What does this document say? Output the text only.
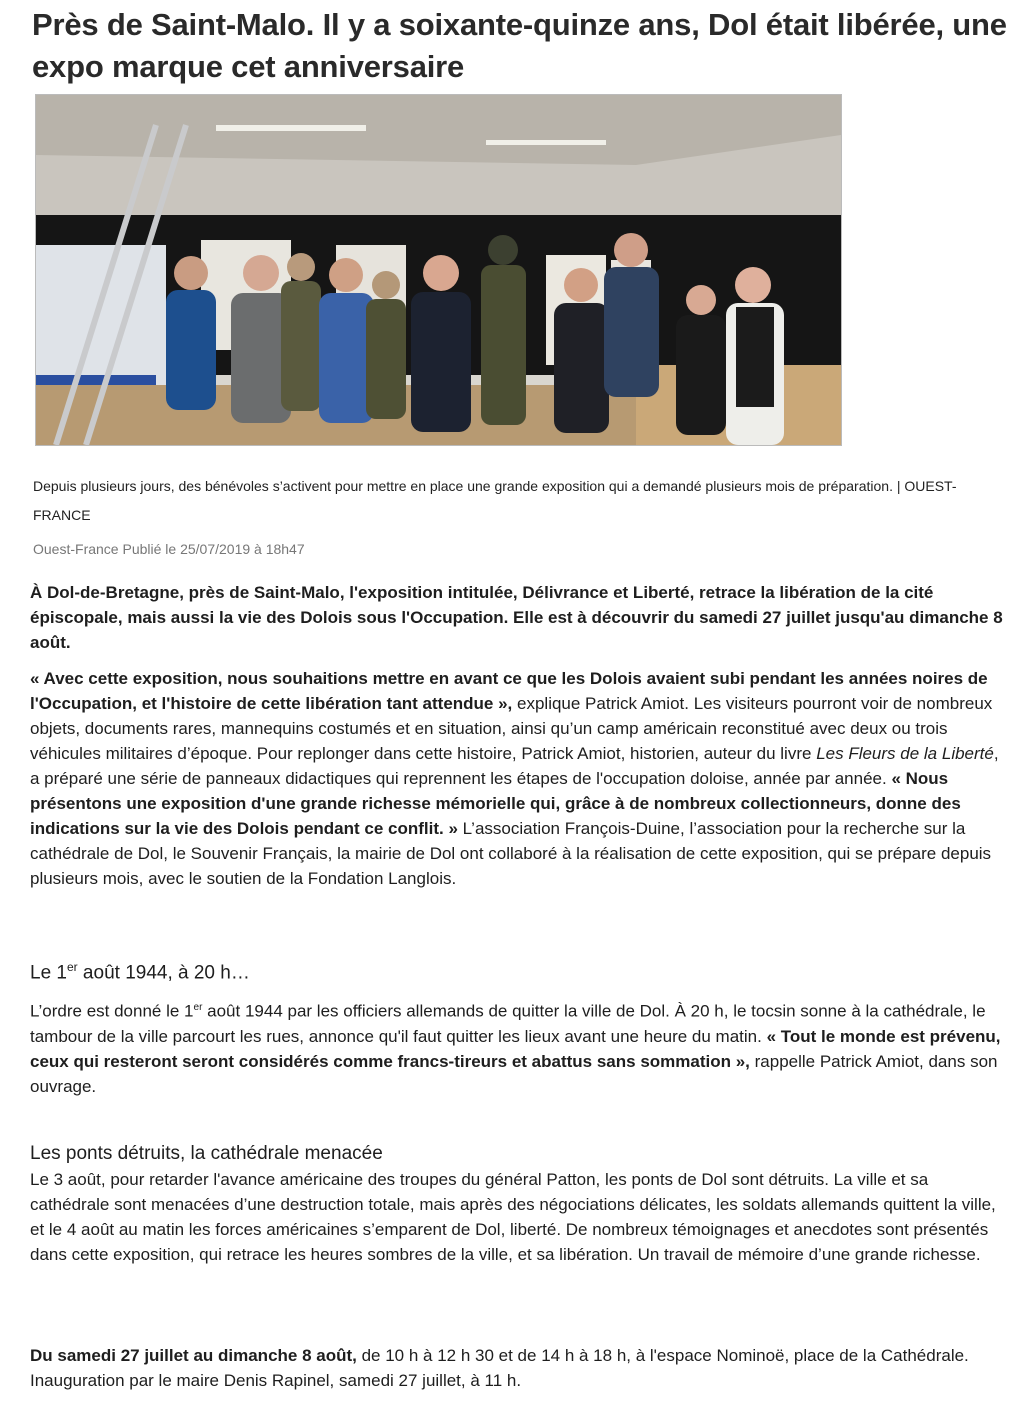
Près de Saint-Malo. Il y a soixante-quinze ans, Dol était libérée, une expo marque cet anniversaire

Depuis plusieurs jours, des bénévoles s’activent pour mettre en place une grande exposition qui a demandé plusieurs mois de préparation. | OUEST-FRANCE

Ouest-France Publié le 25/07/2019 à 18h47

À Dol-de-Bretagne, près de Saint-Malo, l'exposition intitulée, Délivrance et Liberté, retrace la libération de la cité épiscopale, mais aussi la vie des Dolois sous l'Occupation. Elle est à découvrir du samedi 27 juillet jusqu'au dimanche 8 août.

« Avec cette exposition, nous souhaitions mettre en avant ce que les Dolois avaient subi pendant les années noires de l'Occupation, et l'histoire de cette libération tant attendue », explique Patrick Amiot. Les visiteurs pourront voir de nombreux objets, documents rares, mannequins costumés et en situation, ainsi qu’un camp américain reconstitué avec deux ou trois véhicules militaires d’époque. Pour replonger dans cette histoire, Patrick Amiot, historien, auteur du livre Les Fleurs de la Liberté, a préparé une série de panneaux didactiques qui reprennent les étapes de l'occupation doloise, année par année. « Nous présentons une exposition d'une grande richesse mémorielle qui, grâce à de nombreux collectionneurs, donne des indications sur la vie des Dolois pendant ce conflit. » L’association François-Duine, l’association pour la recherche sur la cathédrale de Dol, le Souvenir Français, la mairie de Dol ont collaboré à la réalisation de cette exposition, qui se prépare depuis plusieurs mois, avec le soutien de la Fondation Langlois.

Le 1er août 1944, à 20 h…

L’ordre est donné le 1er août 1944 par les officiers allemands de quitter la ville de Dol. À 20 h, le tocsin sonne à la cathédrale, le tambour de la ville parcourt les rues, annonce qu'il faut quitter les lieux avant une heure du matin. « Tout le monde est prévenu, ceux qui resteront seront considérés comme francs-tireurs et abattus sans sommation », rappelle Patrick Amiot, dans son ouvrage.

Les ponts détruits, la cathédrale menacée

Le 3 août, pour retarder l'avance américaine des troupes du général Patton, les ponts de Dol sont détruits. La ville et sa cathédrale sont menacées d’une destruction totale, mais après des négociations délicates, les soldats allemands quittent la ville, et le 4 août au matin les forces américaines s’emparent de Dol, liberté. De nombreux témoignages et anecdotes sont présentés dans cette exposition, qui retrace les heures sombres de la ville, et sa libération. Un travail de mémoire d’une grande richesse.

Du samedi 27 juillet au dimanche 8 août, de 10 h à 12 h 30 et de 14 h à 18 h, à l'espace Nominoë, place de la Cathédrale. Inauguration par le maire Denis Rapinel, samedi 27 juillet, à 11 h.
